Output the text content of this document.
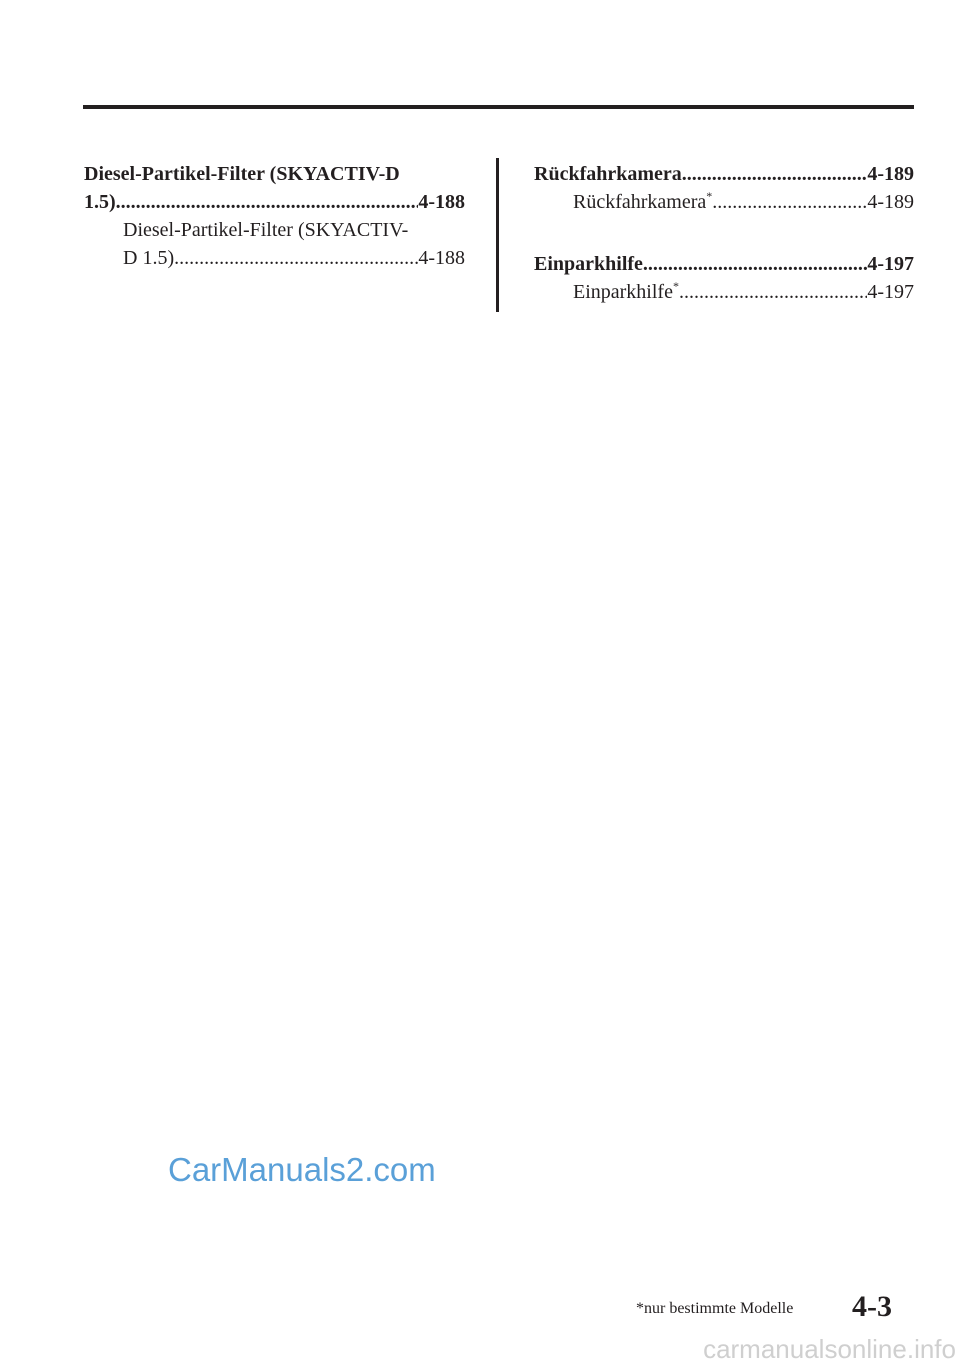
Diesel-Partikel-Filter (SKYACTIV-D
1.5) .....	4-188
Diesel-Partikel-Filter (SKYACTIV-
D 1.5) .....	4-188
Rückfahrkamera .....	4-189
Rückfahrkamera* .....	4-189
Einparkhilfe .....	4-197
Einparkhilfe* .....	4-197
CarManuals2.com
*nur bestimmte Modelle 4-3
carmanualsonline.info
